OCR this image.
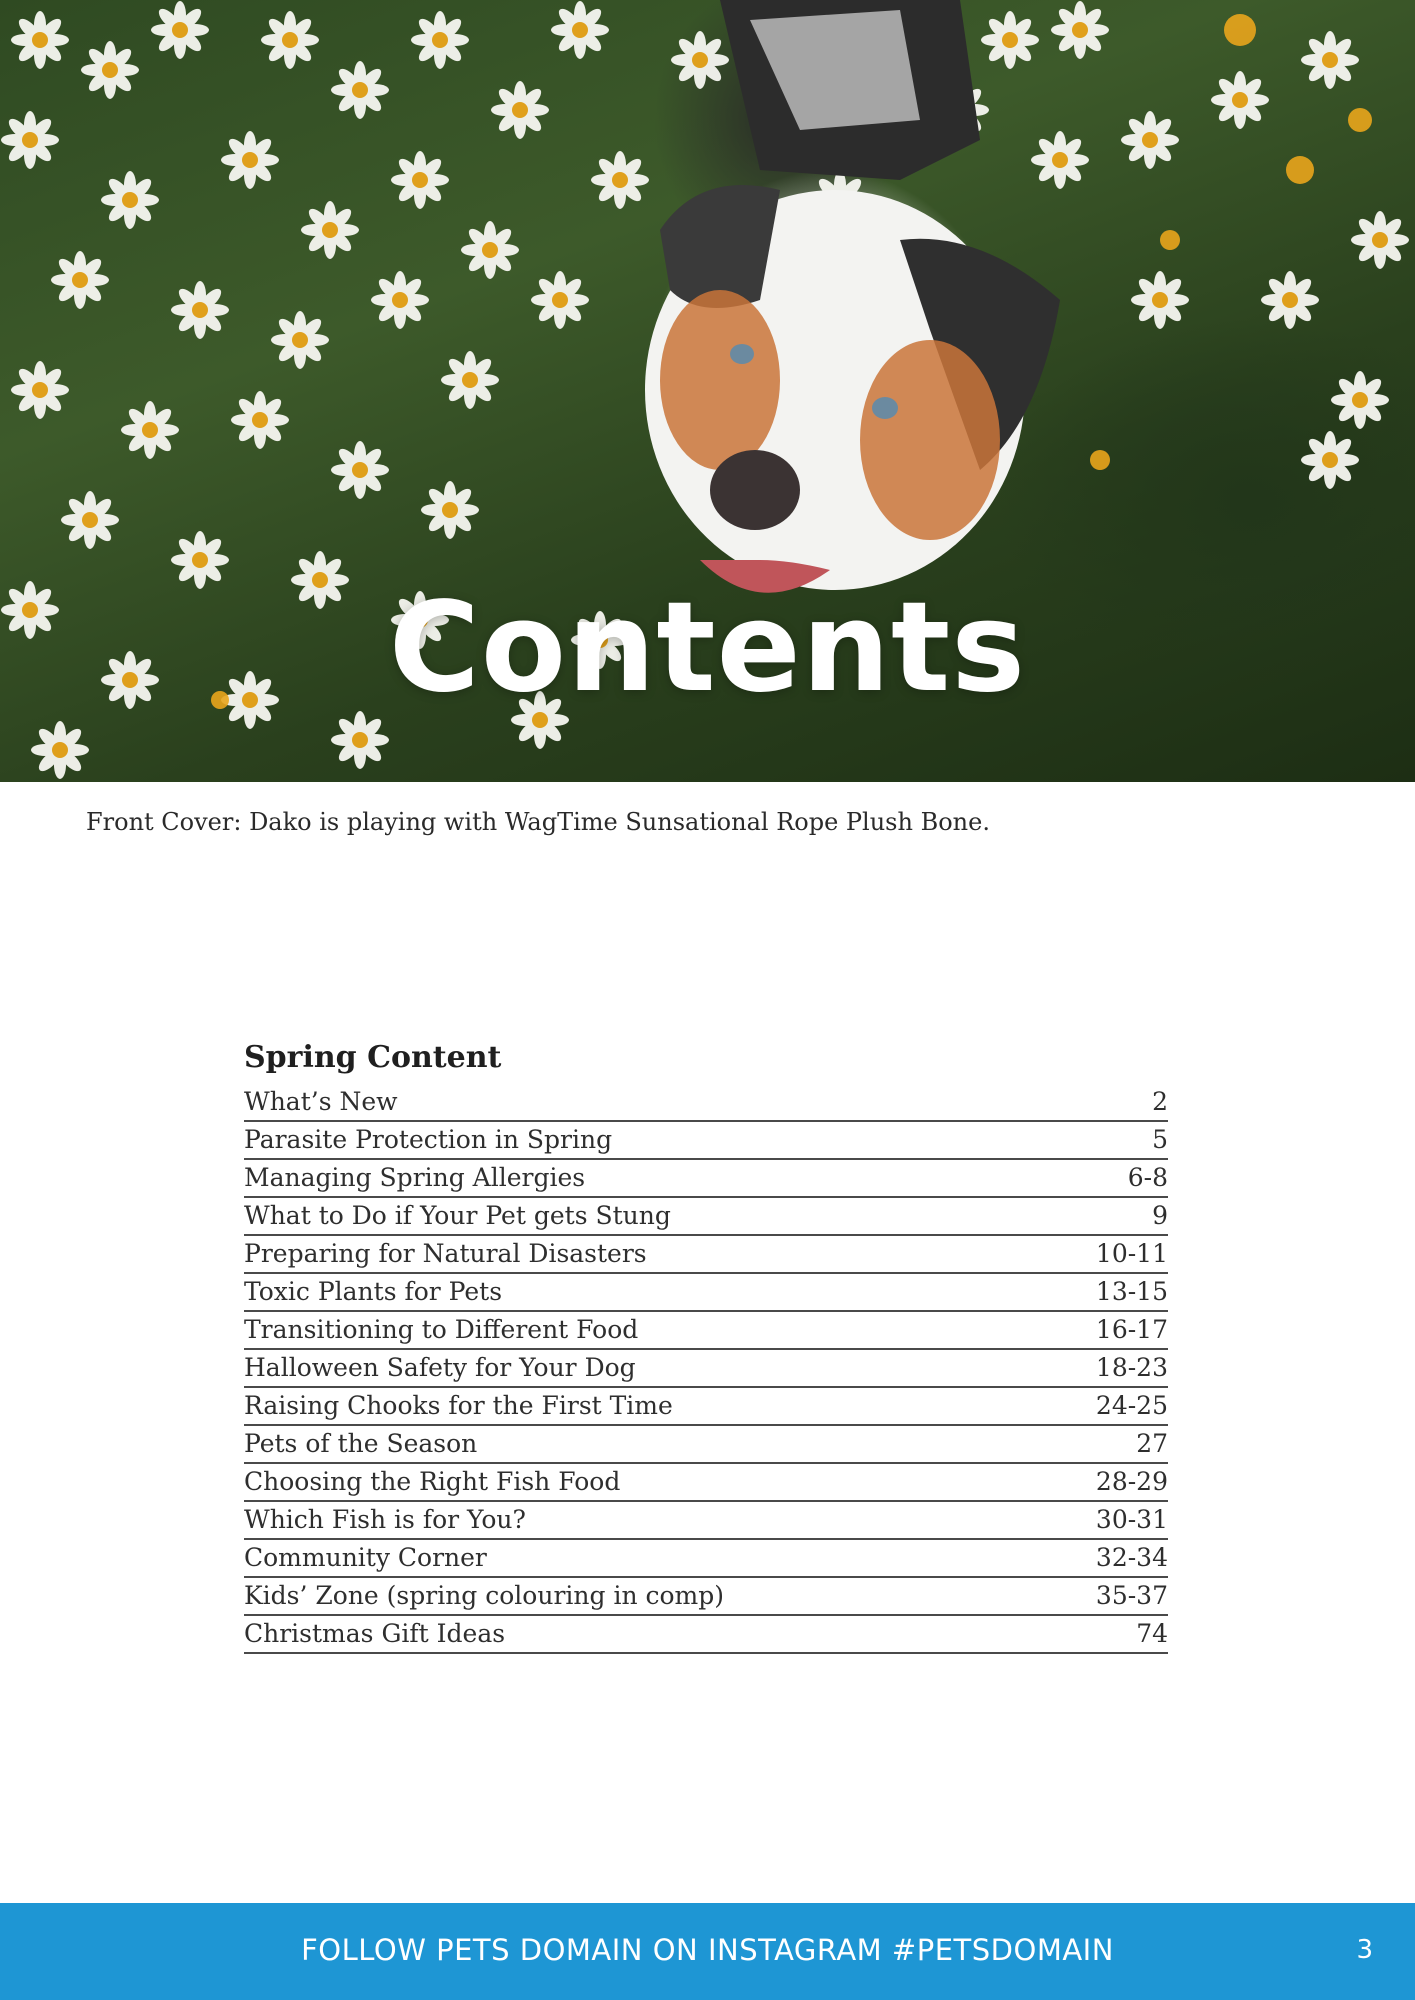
Contents
Front Cover: Dako is playing with WagTime Sunsational Rope Plush Bone.
Spring Content
What’s New	2
Parasite Protection in Spring	5
Managing Spring Allergies	6-8
What to Do if Your Pet gets Stung	9
Preparing for Natural Disasters	10-11
Toxic Plants for Pets	13-15
Transitioning to Different Food	16-17
Halloween Safety for Your Dog	18-23
Raising Chooks for the First Time	24-25
Pets of the Season	27
Choosing the Right Fish Food	28-29
Which Fish is for You?	30-31
Community Corner	32-34
Kids’ Zone (spring colouring in comp)	35-37
Christmas Gift Ideas	74
FOLLOW PETS DOMAIN ON INSTAGRAM #PETSDOMAIN	3
